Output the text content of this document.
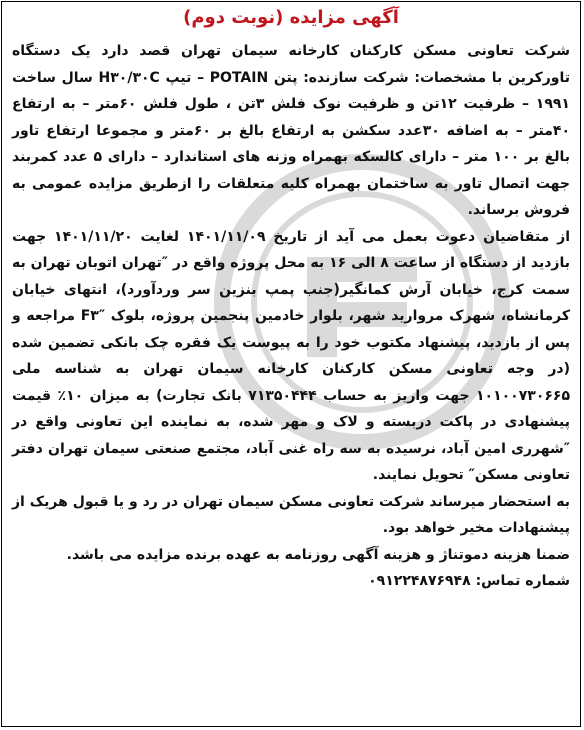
آگهی مزایده (نوبت دوم)

شرکت تعاونی مسکن کارکنان کارخانه سیمان تهران قصد دارد یک دستگاه تاورکرین با مشخصات: شرکت سازنده: پتن POTAIN – تیپ H۳۰/۳۰C سال ساخت ۱۹۹۱ – ظرفیت ۱۲تن و ظرفیت نوک فلش ۳تن ، طول فلش ۶۰متر – به ارتفاع ۴۰متر – به اضافه ۳۰عدد سکشن به ارتفاع بالغ بر ۶۰متر و مجموعا ارتفاع تاور بالغ بر ۱۰۰ متر – دارای کالسکه بهمراه وزنه های استاندارد – دارای ۵ عدد کمربند جهت اتصال تاور به ساختمان بهمراه کلیه متعلقات را ازطریق مزایده عمومی به فروش برساند.

از متقاضیان دعوت بعمل می آید از تاریخ ۱۴۰۱/۱۱/۰۹ لغایت ۱۴۰۱/۱۱/۲۰ جهت بازدید از دستگاه از ساعت ۸ الی ۱۶ به محل پروژه واقع در ″تهران اتوبان تهران به سمت کرج، خیابان آرش کمانگیر(جنب پمپ بنزین سر وردآورد)، انتهای خیابان کرمانشاه، شهرک مروارید شهر، بلوار خادمین پنجمین پروژه، بلوک F۳″ مراجعه و پس از بازدید، پیشنهاد مکتوب خود را به پیوست یک فقره چک بانکی تضمین شده (در وجه تعاونی مسکن کارکنان کارخانه سیمان تهران به شناسه ملی ۱۰۱۰۰۷۳۰۶۶۵ جهت واریز به حساب ۷۱۳۵۰۴۴۴ بانک تجارت) به میزان ۱۰٪ قیمت پیشنهادی در پاکت دربسته و لاک و مهر شده، به نماینده این تعاونی واقع در ″شهرری امین آباد، نرسیده به سه راه غنی آباد، مجتمع صنعتی سیمان تهران دفتر تعاونی مسکن″ تحویل نمایند.

به استحضار میرساند شرکت تعاونی مسکن سیمان تهران در رد و یا قبول هریک از پیشنهادات مخیر خواهد بود.

ضمنا هزینه دموتناژ و هزینه آگهی روزنامه به عهده برنده مزایده می باشد.

شماره تماس: ۰۹۱۲۲۴۸۷۶۹۴۸
